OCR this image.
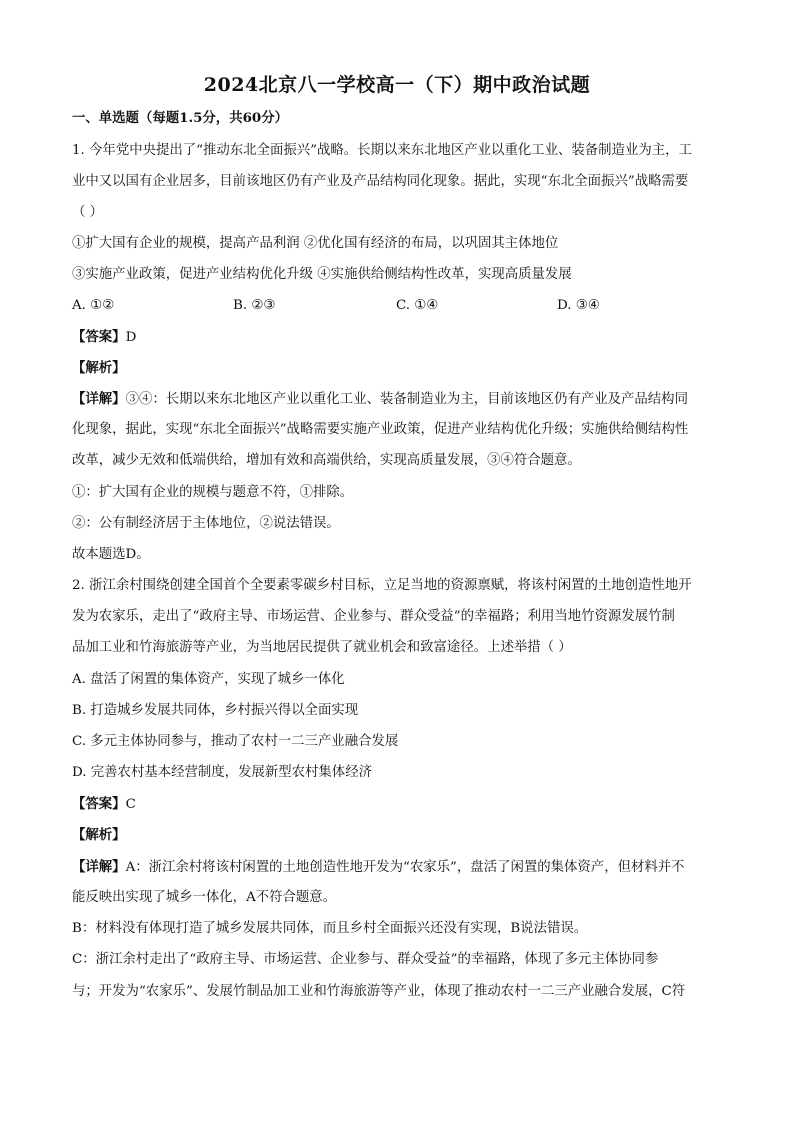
2024北京八一学校高一（下）期中政治试题
一、单选题（每题1.5分，共60分）
1. 今年党中央提出了“推动东北全面振兴”战略。长期以来东北地区产业以重化工业、装备制造业为主，工
业中又以国有企业居多，目前该地区仍有产业及产品结构同化现象。据此，实现“东北全面振兴”战略需要
（ ）
①扩大国有企业的规模，提高产品利润 ②优化国有经济的布局，以巩固其主体地位
③实施产业政策，促进产业结构优化升级 ④实施供给侧结构性改革，实现高质量发展
A. ①②	B. ②③	C. ①④	D. ③④
【答案】D
【解析】
【详解】③④：长期以来东北地区产业以重化工业、装备制造业为主，目前该地区仍有产业及产品结构同
化现象，据此，实现“东北全面振兴”战略需要实施产业政策，促进产业结构优化升级；实施供给侧结构性
改革，减少无效和低端供给，增加有效和高端供给，实现高质量发展，③④符合题意。
①：扩大国有企业的规模与题意不符，①排除。
②：公有制经济居于主体地位，②说法错误。
故本题选D。
2. 浙江余村围绕创建全国首个全要素零碳乡村目标，立足当地的资源禀赋，将该村闲置的土地创造性地开
发为农家乐，走出了“政府主导、市场运营、企业参与、群众受益”的幸福路；利用当地竹资源发展竹制
品加工业和竹海旅游等产业，为当地居民提供了就业机会和致富途径。上述举措（ ）
A. 盘活了闲置的集体资产，实现了城乡一体化
B. 打造城乡发展共同体，乡村振兴得以全面实现
C. 多元主体协同参与，推动了农村一二三产业融合发展
D. 完善农村基本经营制度，发展新型农村集体经济
【答案】C
【解析】
【详解】A：浙江余村将该村闲置的土地创造性地开发为“农家乐”，盘活了闲置的集体资产，但材料并不
能反映出实现了城乡一体化，A不符合题意。
B：材料没有体现打造了城乡发展共同体，而且乡村全面振兴还没有实现，B说法错误。
C：浙江余村走出了“政府主导、市场运营、企业参与、群众受益”的幸福路，体现了多元主体协同参
与；开发为“农家乐”、发展竹制品加工业和竹海旅游等产业，体现了推动农村一二三产业融合发展，C符
